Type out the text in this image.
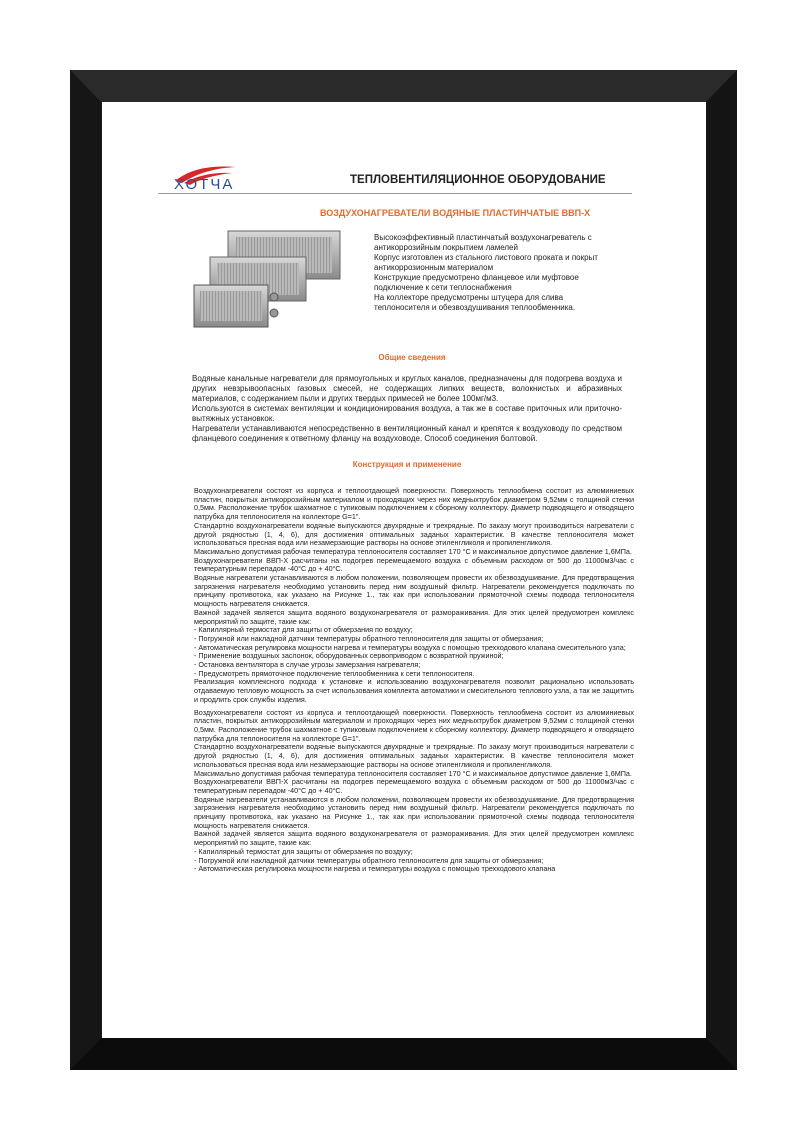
ХОТЧА	ТЕПЛОВЕНТИЛЯЦИОННОЕ ОБОРУДОВАНИЕ
ВОЗДУХОНАГРЕВАТЕЛИ ВОДЯНЫЕ ПЛАСТИНЧАТЫЕ ВВП-Х
Высокоэффективный пластинчатый воздухонагреватель с антикоррозийным покрытием ламелей
Корпус изготовлен из стального листового проката и покрыт антикоррозионным материалом
Конструкцие предусмотрено фланцевое или муфтовое подключение к сети теплоснабжения
На коллекторе предусмотрены штуцера для слива теплоносителя и обезвоздушивания теплообменника.
Общие сведения
Водяные канальные нагреватели для прямоугольных и круглых каналов, предназначены для подогрева воздуха и других невзрывоопасных газовых смесей, не содержащих липких веществ, волокнистых и абразивных материалов, с содержанием пыли и других твердых примесей не более 100мг/м3.
Используются в системах вентиляции и кондиционирования воздуха, а так же в составе приточных или приточно-вытяжных установкок.
Нагреватели устанавливаются непосредственно в вентиляционный канал и крепятся к воздуховоду по средством фланцевого соединения к ответному фланцу на воздуховоде. Способ соединения болтовой.
Конструкция и применение
Воздухонагреватели состоят из корпуса и теплоотдающей поверхности. Поверхность теплообмена состоит из алюминиевых пластин, покрытых антикоррозийным материалом и проходящих через них медныхтрубок диаметром 9,52мм с толщиной стенки 0,5мм. Расположение трубок шахматное с тупиковым подключением к сборному коллектору. Диаметр подводящего и отводящего патрубка для теплоносителя на коллекторе G=1".
Стандартно воздухонагреватели водяные выпускаются двухрядные и трехрядные. По заказу могут производиться нагреватели с другой рядностью (1, 4, 6), для достижения оптимальных заданых характеристик. В качестве теплоносителя может использоваться пресная вода или незамерзающие растворы на основе этиленгликоля и пропиленгликоля.
Максимально допустимая рабочая температура теплоносителя составляет 170 °С и максимальное допустимое давление 1,6МПа.
Воздухонагреватели ВВП-Х расчитаны на подогрев перемещаемого воздуха с объемным расходом от 500 до 11000м3/час с температурным перепадом -40°С до + 40°С.
Водяные нагреватели устанавливаются в любом положении, позволяющем провести их обезвоздушивание. Для предотвращения загрязнения нагревателя необходимо установить перед ним воздушный фильтр. Нагреватели рекомендуется подключать по принципу противотока, как указано на Рисунке 1., так как при использовании прямоточной схемы подвода теплоносителя мощность нагревателя снижается.
Важной задачей является защита водяного воздухонагревателя от размораживания. Для этих целей предусмотрен комплекс мероприятий по защите, такие как:
- Капиллярный термостат для защиты от обмерзания по воздуху;
- Погружной или накладной датчики температуры обратного теплоносителя для защиты от обмерзания;
- Автоматическая регулировка мощности нагрева и температуры воздуха с помощью трехходового клапана смесительного узла;
- Применение воздушных заслонок, оборудованных сервоприводом с возвратной пружиной;
- Остановка вентилятора в случае угрозы замерзания нагревателя;
- Предусмотреть прямоточное подключение теплообменника к сети теплоносителя.
Реализация комплексного подхода к установке и использованию воздухонагревателя позволит рационально использовать отдаваемую тепловую мощность за счет использования комплекта автоматики и смесительного теплового узла, а так же защитить и продлить срок службы изделия.
Воздухонагреватели состоят из корпуса и теплоотдающей поверхности. Поверхность теплообмена состоит из алюминиевых пластин, покрытых антикоррозийным материалом и проходящих через них медныхтрубок диаметром 9,52мм с толщиной стенки 0,5мм. Расположение трубок шахматное с тупиковым подключением к сборному коллектору. Диаметр подводящего и отводящего патрубка для теплоносителя на коллекторе G=1".
Стандартно воздухонагреватели водяные выпускаются двухрядные и трехрядные. По заказу могут производиться нагреватели с другой рядностью (1, 4, 6), для достижения оптимальных заданых характеристик. В качестве теплоносителя может использоваться пресная вода или незамерзающие растворы на основе этиленгликоля и пропиленгликоля.
Максимально допустимая рабочая температура теплоносителя составляет 170 °С и максимальное допустимое давление 1,6МПа.
Воздухонагреватели ВВП-Х расчитаны на подогрев перемещаемого воздуха с объемным расходом от 500 до 11000м3/час с температурным перепадом -40°С до + 40°С.
Водяные нагреватели устанавливаются в любом положении, позволяющем провести их обезвоздушивание. Для предотвращения загрязнения нагревателя необходимо установить перед ним воздушный фильтр. Нагреватели рекомендуется подключать по принципу противотока, как указано на Рисунке 1., так как при использовании прямоточной схемы подвода теплоносителя мощность нагревателя снижается.
Важной задачей является защита водяного воздухонагревателя от размораживания. Для этих целей предусмотрен комплекс мероприятий по защите, такие как:
- Капиллярный термостат для защиты от обмерзания по воздуху;
- Погружной или накладной датчики температуры обратного теплоносителя для защиты от обмерзания;
- Автоматическая регулировка мощности нагрева и температуры воздуха с помощью трехходового клапана
